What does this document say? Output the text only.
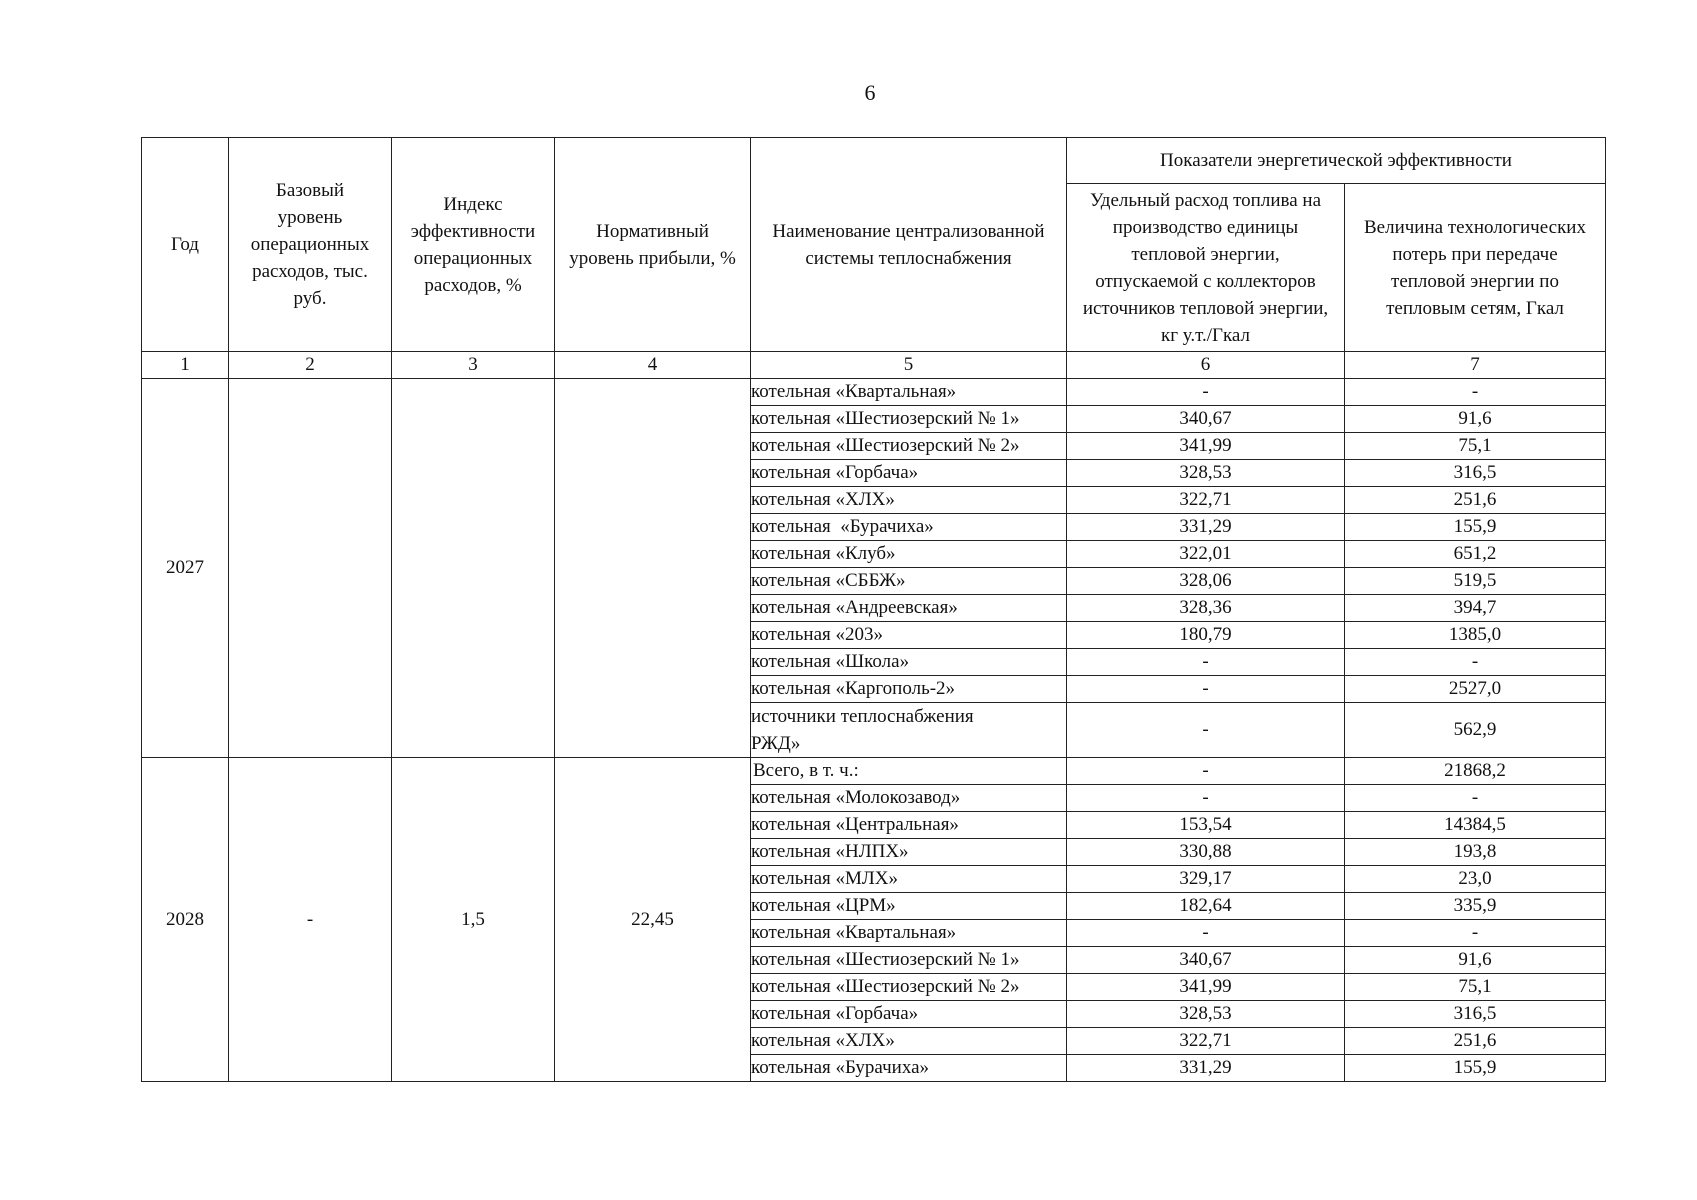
6
Год	Базовый уровень операционных расходов, тыс. руб.	Индекс эффективности операционных расходов, %	Нормативный уровень прибыли, %	Наименование централизованной системы теплоснабжения	Показатели энергетической эффективности	
					Удельный расход топлива на производство единицы тепловой энергии, отпускаемой с коллекторов источников тепловой энергии, кг у.т./Гкал	Величина технологических потерь при передаче тепловой энергии по тепловым сетям, Гкал
1	2	3	4	5	6	7
2027				котельная «Квартальная»	-	-
				котельная «Шестиозерский № 1»	340,67	91,6
				котельная «Шестиозерский № 2»	341,99	75,1
				котельная «Горбача»	328,53	316,5
				котельная «ХЛХ»	322,71	251,6
				котельная  «Бурачиха»	331,29	155,9
				котельная «Клуб»	322,01	651,2
				котельная «СББЖ»	328,06	519,5
				котельная «Андреевская»	328,36	394,7
				котельная «203»	180,79	1385,0
				котельная «Школа»	-	-
				котельная «Каргополь-2»	-	2527,0
				источники теплоснабжения РЖД»	-	562,9
2028	-	1,5	22,45	Всего, в т. ч.:	-	21868,2
				котельная «Молокозавод»	-	-
				котельная «Центральная»	153,54	14384,5
				котельная «НЛПХ»	330,88	193,8
				котельная «МЛХ»	329,17	23,0
				котельная «ЦРМ»	182,64	335,9
				котельная «Квартальная»	-	-
				котельная «Шестиозерский № 1»	340,67	91,6
				котельная «Шестиозерский № 2»	341,99	75,1
				котельная «Горбача»	328,53	316,5
				котельная «ХЛХ»	322,71	251,6
				котельная «Бурачиха»	331,29	155,9
